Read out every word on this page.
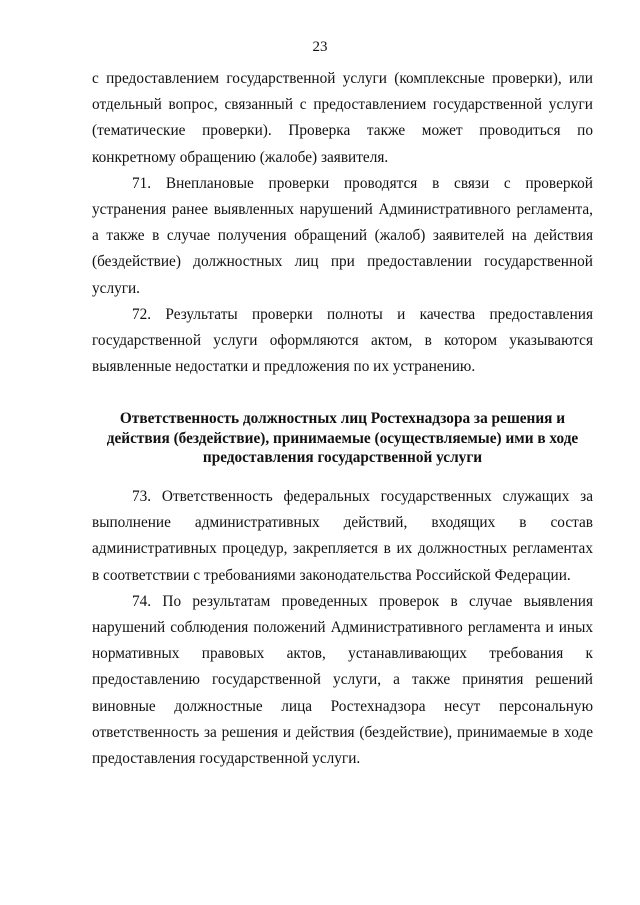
23

с предоставлением государственной услуги (комплексные проверки), или отдельный вопрос, связанный с предоставлением государственной услуги (тематические проверки). Проверка также может проводиться по конкретному обращению (жалобе) заявителя.

71. Внеплановые проверки проводятся в связи с проверкой устранения ранее выявленных нарушений Административного регламента, а также в случае получения обращений (жалоб) заявителей на действия (бездействие) должностных лиц при предоставлении государственной услуги.

72. Результаты проверки полноты и качества предоставления государственной услуги оформляются актом, в котором указываются выявленные недостатки и предложения по их устранению.

Ответственность должностных лиц Ростехнадзора за решения и
действия (бездействие), принимаемые (осуществляемые) ими в ходе
предоставления государственной услуги

73. Ответственность федеральных государственных служащих за выполнение административных действий, входящих в состав административных процедур, закрепляется в их должностных регламентах в соответствии с требованиями законодательства Российской Федерации.

74. По результатам проведенных проверок в случае выявления нарушений соблюдения положений Административного регламента и иных нормативных правовых актов, устанавливающих требования к предоставлению государственной услуги, а также принятия решений виновные должностные лица Ростехнадзора несут персональную ответственность за решения и действия (бездействие), принимаемые в ходе предоставления государственной услуги.
